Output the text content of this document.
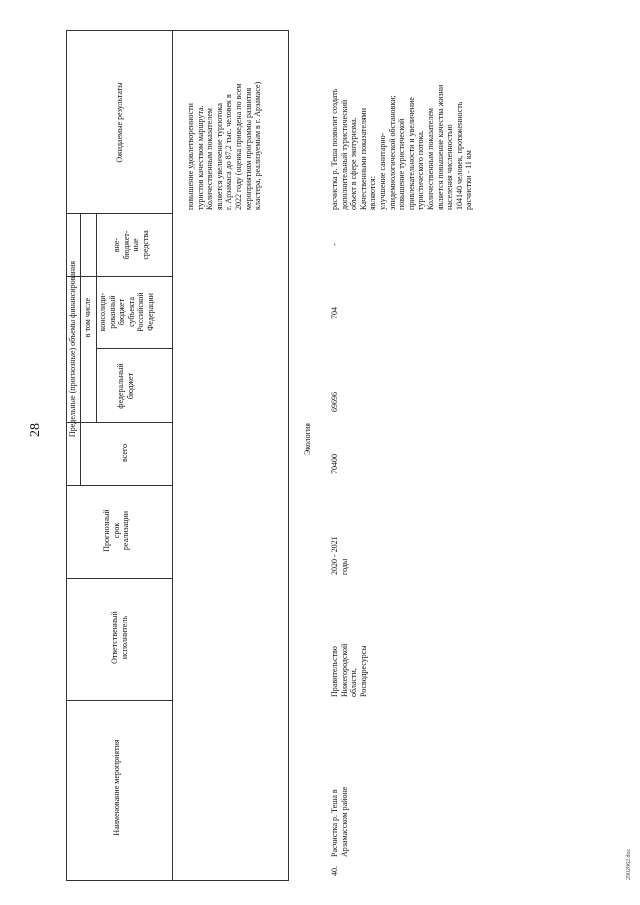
28
Наименование мероприятия
Ответственный
исполнитель
Прогнозный
срок
реализации
Предельные (прогнозные) объемы финансирования
всего
в том числе
федеральный
бюджет
консолиди-
рованный
бюджет
субъекта
Российской
Федерации
вне-
бюджет-
ные
средства
Ожидаемые результаты
повышение удовлетворенности
туристов качеством маршрута.
Количественным показателем
является увеличение турпотока
г. Арзамаса до 87,2 тыс. человек в
2022 году (оценка приведена по всем
мероприятиям программы развития
кластера, реализуемым в г. Арзамасе)
Экология
40.
Расчистка р. Теша в
Арзамасском районе
Правительство
Нижегородской
области,
Росводресурсы
2020 - 2021
годы
70400
69696
704
-
расчистка р. Теша позволит создать
дополнительный туристический
объект в сфере экотуризма.
Качественными показателями
являются:
улучшение санитарно-
эпидемиологической обстановки;
повышение туристической
привлекательности и увеличение
туристического потока.
Количественным показателем
является повышение качества жизни
населения численностью
104140 человек, протяженность
расчистки - 11 км
2902862.doc
